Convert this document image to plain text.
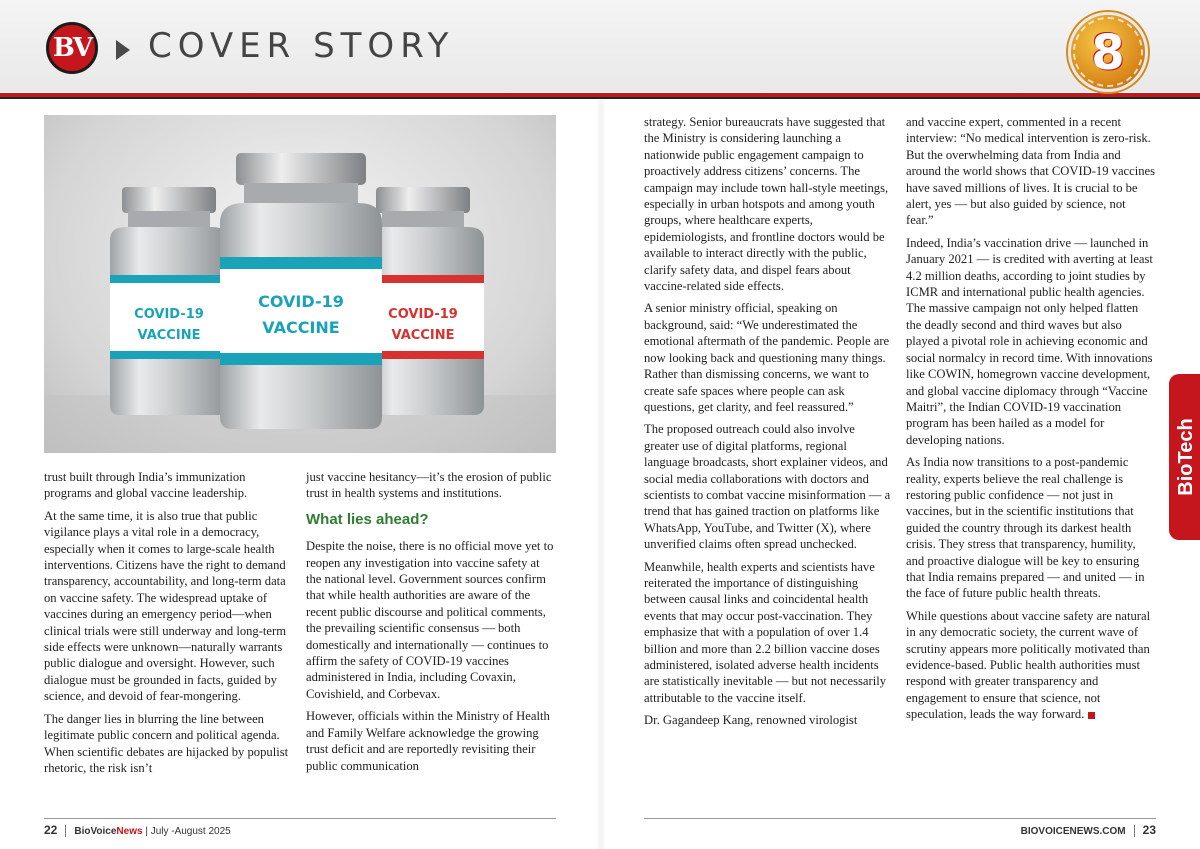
BV COVER STORY	8
COVID-19
VACCINE
COVID-19
VACCINE
COVID-19
VACCINE

trust built through India’s immunization programs and global vaccine leadership.

At the same time, it is also true that public vigilance plays a vital role in a democracy, especially when it comes to large-scale health interventions. Citizens have the right to demand transparency, accountability, and long-term data on vaccine safety. The widespread uptake of vaccines during an emergency period—when clinical trials were still underway and long-term side effects were unknown—naturally warrants public dialogue and oversight. However, such dialogue must be grounded in facts, guided by science, and devoid of fear-mongering.

The danger lies in blurring the line between legitimate public concern and political agenda. When scientific debates are hijacked by populist rhetoric, the risk isn’t

just vaccine hesitancy—it’s the erosion of public trust in health systems and institutions.

What lies ahead?

Despite the noise, there is no official move yet to reopen any investigation into vaccine safety at the national level. Government sources confirm that while health authorities are aware of the recent public discourse and political comments, the prevailing scientific consensus — both domestically and internationally — continues to affirm the safety of COVID-19 vaccines administered in India, including Covaxin, Covishield, and Corbevax.

However, officials within the Ministry of Health and Family Welfare acknowledge the growing trust deficit and are reportedly revisiting their public communication

strategy. Senior bureaucrats have suggested that the Ministry is considering launching a nationwide public engagement campaign to proactively address citizens’ concerns. The campaign may include town hall-style meetings, especially in urban hotspots and among youth groups, where healthcare experts, epidemiologists, and frontline doctors would be available to interact directly with the public, clarify safety data, and dispel fears about vaccine-related side effects.

A senior ministry official, speaking on background, said: “We underestimated the emotional aftermath of the pandemic. People are now looking back and questioning many things. Rather than dismissing concerns, we want to create safe spaces where people can ask questions, get clarity, and feel reassured.”

The proposed outreach could also involve greater use of digital platforms, regional language broadcasts, short explainer videos, and social media collaborations with doctors and scientists to combat vaccine misinformation — a trend that has gained traction on platforms like WhatsApp, YouTube, and Twitter (X), where unverified claims often spread unchecked.

Meanwhile, health experts and scientists have reiterated the importance of distinguishing between causal links and coincidental health events that may occur post-vaccination. They emphasize that with a population of over 1.4 billion and more than 2.2 billion vaccine doses administered, isolated adverse health incidents are statistically inevitable — but not necessarily attributable to the vaccine itself.

Dr. Gagandeep Kang, renowned virologist

and vaccine expert, commented in a recent interview: “No medical intervention is zero-risk. But the overwhelming data from India and around the world shows that COVID-19 vaccines have saved millions of lives. It is crucial to be alert, yes — but also guided by science, not fear.”

Indeed, India’s vaccination drive — launched in January 2021 — is credited with averting at least 4.2 million deaths, according to joint studies by ICMR and international public health agencies. The massive campaign not only helped flatten the deadly second and third waves but also played a pivotal role in achieving economic and social normalcy in record time. With innovations like COWIN, homegrown vaccine development, and global vaccine diplomacy through “Vaccine Maitri”, the Indian COVID-19 vaccination program has been hailed as a model for developing nations.

As India now transitions to a post-pandemic reality, experts believe the real challenge is restoring public confidence — not just in vaccines, but in the scientific institutions that guided the country through its darkest health crisis. They stress that transparency, humility, and proactive dialogue will be key to ensuring that India remains prepared — and united — in the face of future public health threats.

While questions about vaccine safety are natural in any democratic society, the current wave of scrutiny appears more politically motivated than evidence-based. Public health authorities must respond with greater transparency and engagement to ensure that science, not speculation, leads the way forward.

BioTech
22 BioVoiceNews | July -August 2025	BIOVOICENEWS.COM 23
